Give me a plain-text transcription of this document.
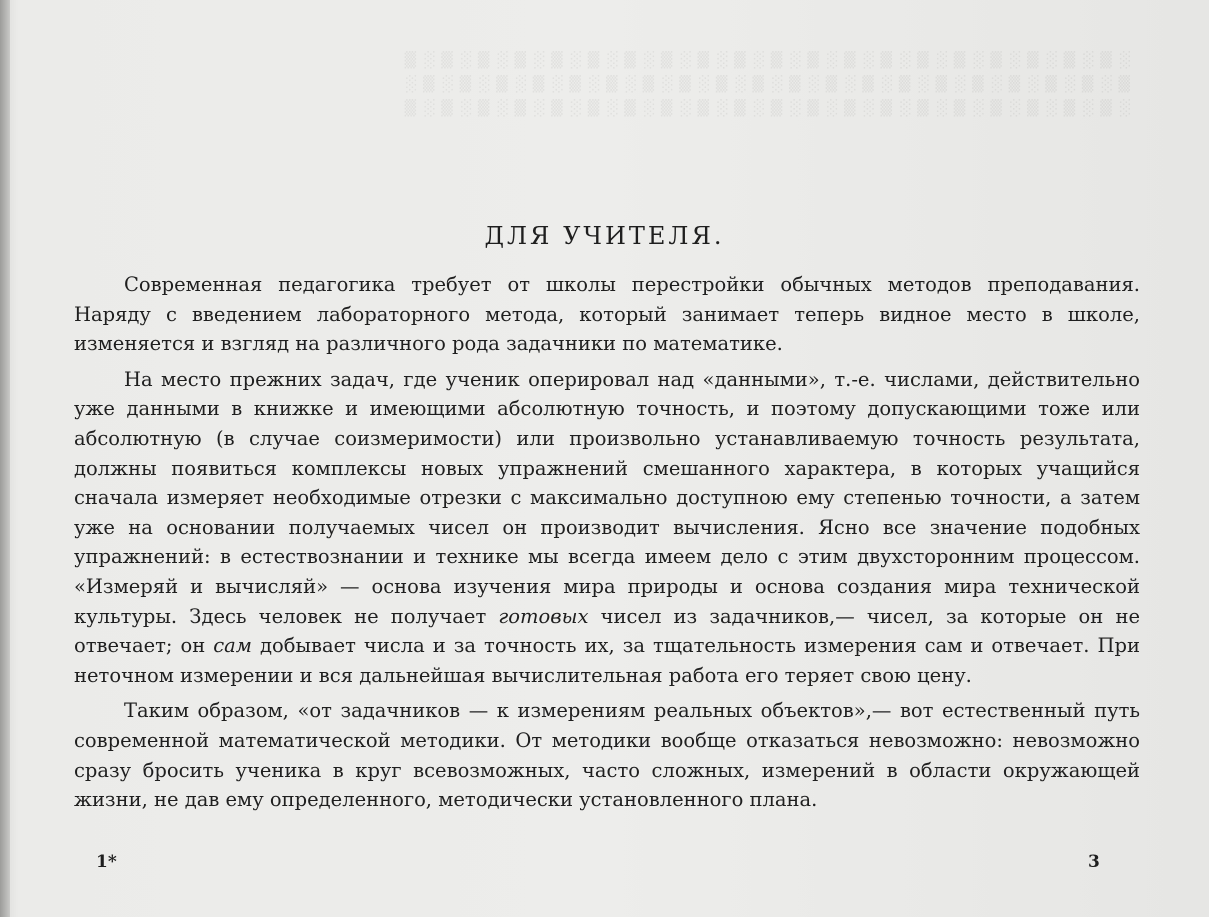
░ ▒ ░ ▒ ░ ▒ ░ ▒ ░ ▒ ░ ▒ ░ ▒ ░ ▒ ░ ▒ ░ ▒ ░ ▒ ░ ▒ ░ ▒ ░ ▒ ░ ▒ ░ ▒ ░ ▒ ░ ▒ ░ ▒ ░ ▒
▒ ░ ▒ ░ ▒ ░ ▒ ░ ▒ ░ ▒ ░ ▒ ░ ▒ ░ ▒ ░ ▒ ░ ▒ ░ ▒ ░ ▒ ░ ▒ ░ ▒ ░ ▒ ░ ▒ ░ ▒ ░ ▒ ░ ▒ ░
░ ▒ ░ ▒ ░ ▒ ░ ▒ ░ ▒ ░ ▒ ░ ▒ ░ ▒ ░ ▒ ░ ▒ ░ ▒ ░ ▒ ░ ▒ ░ ▒ ░ ▒ ░ ▒ ░ ▒ ░ ▒ ░ ▒ ░ ▒
ДЛЯ УЧИТЕЛЯ.

Современная педагогика требует от школы перестройки обычных методов преподавания. Наряду с введением лабораторного метода, который занимает теперь видное место в школе, изменяется и взгляд на различного рода задачники по математике.

На место прежних задач, где ученик оперировал над «данными», т.-е. числами, действительно уже данными в книжке и имеющими абсолютную точность, и поэтому допускающими тоже или абсолютную (в случае соизмеримости) или произвольно устанавливаемую точность результата, должны появиться комплексы новых упражнений смешанного характера, в которых учащийся сначала измеряет необходимые отрезки с максимально доступною ему степенью точности, а затем уже на основании получаемых чисел он производит вычисления. Ясно все значение подобных упражнений: в естествознании и технике мы всегда имеем дело с этим двухсторонним процессом. «Измеряй и вычисляй» — основа изучения мира природы и основа создания мира технической культуры. Здесь человек не получает готовых чисел из задачников,— чисел, за которые он не отвечает; он сам добывает числа и за точность их, за тщательность измерения сам и отвечает. При неточном измерении и вся дальнейшая вычислительная работа его теряет свою цену.

Таким образом, «от задачников — к измерениям реальных объектов»,— вот естественный путь современной математической методики. От методики вообще отказаться невозможно: невозможно сразу бросить ученика в круг всевозможных, часто сложных, измерений в области окружающей жизни, не дав ему определенного, методически установленного плана.

1*	3
